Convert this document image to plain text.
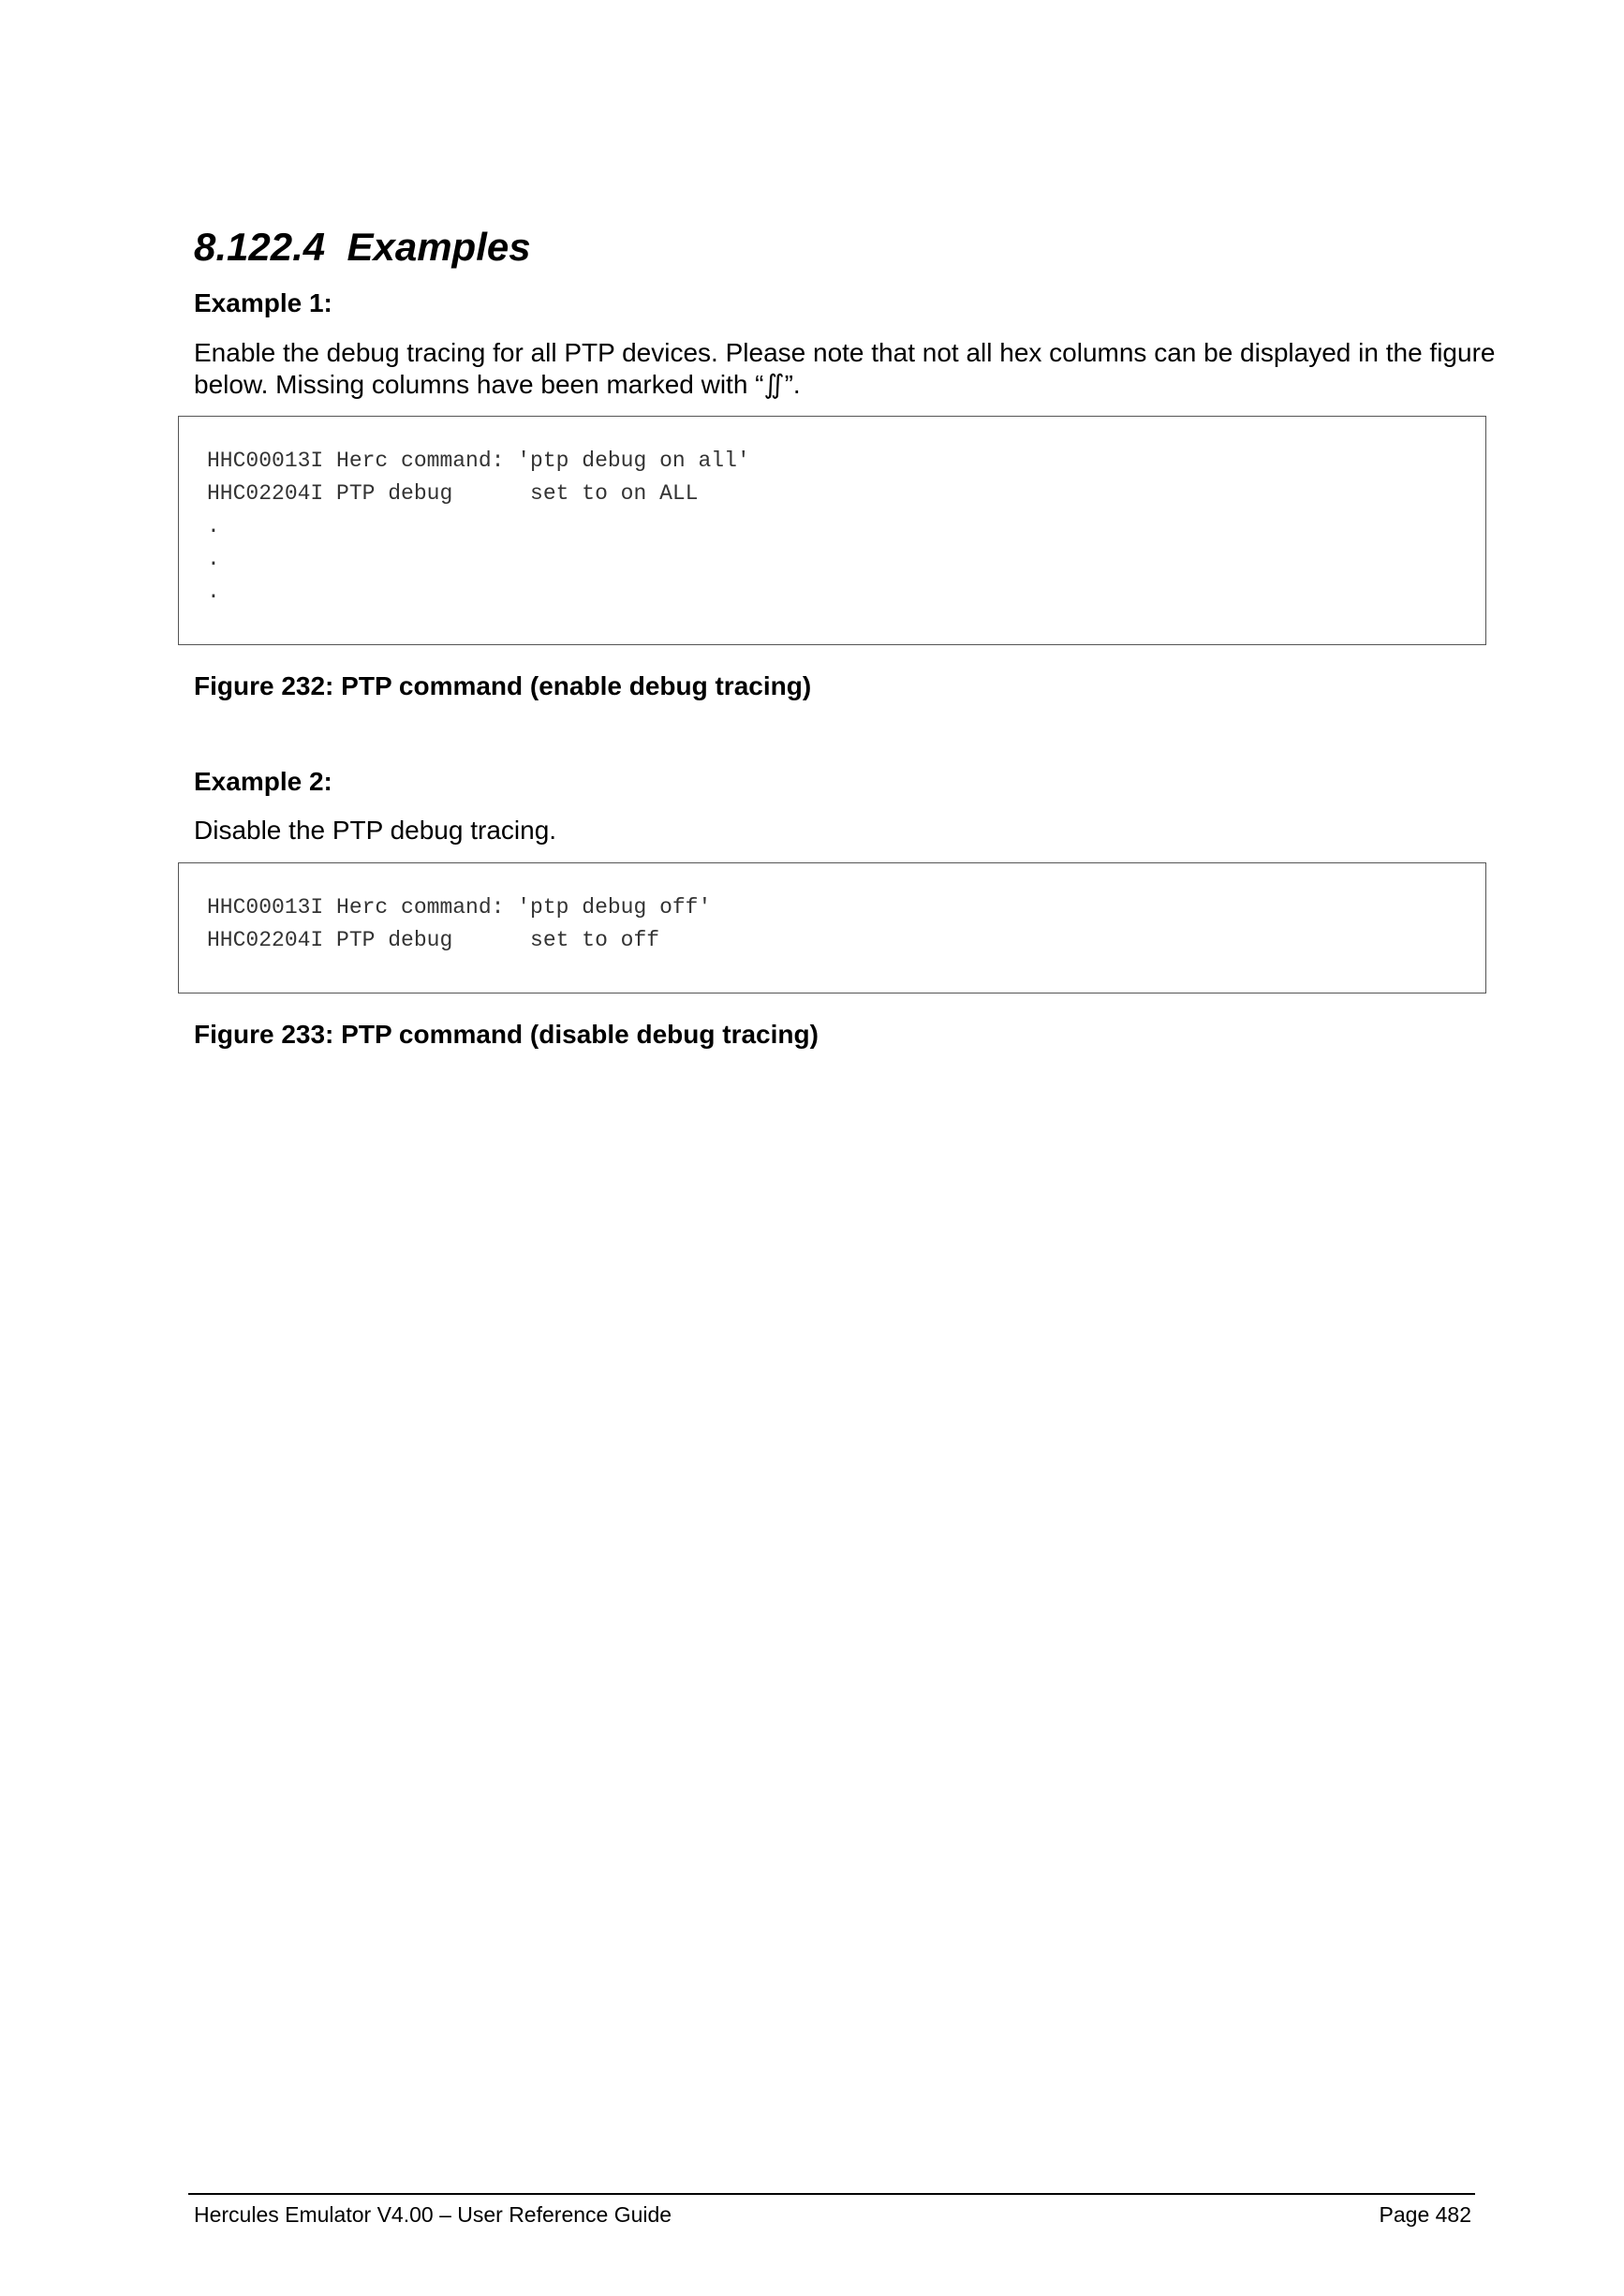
8.122.4 Examples
Example 1:

Enable the debug tracing for all PTP devices. Please note that not all hex columns can be displayed in the figure below. Missing columns have been marked with “∬”.

HHC00013I Herc command: 'ptp debug on all'
HHC02204I PTP debug      set to on ALL
.
.
.

Figure 232: PTP command (enable debug tracing)

Example 2:

Disable the PTP debug tracing.

HHC00013I Herc command: 'ptp debug off'
HHC02204I PTP debug      set to off

Figure 233: PTP command (disable debug tracing)

Hercules Emulator V4.00 – User Reference Guide	Page 482
